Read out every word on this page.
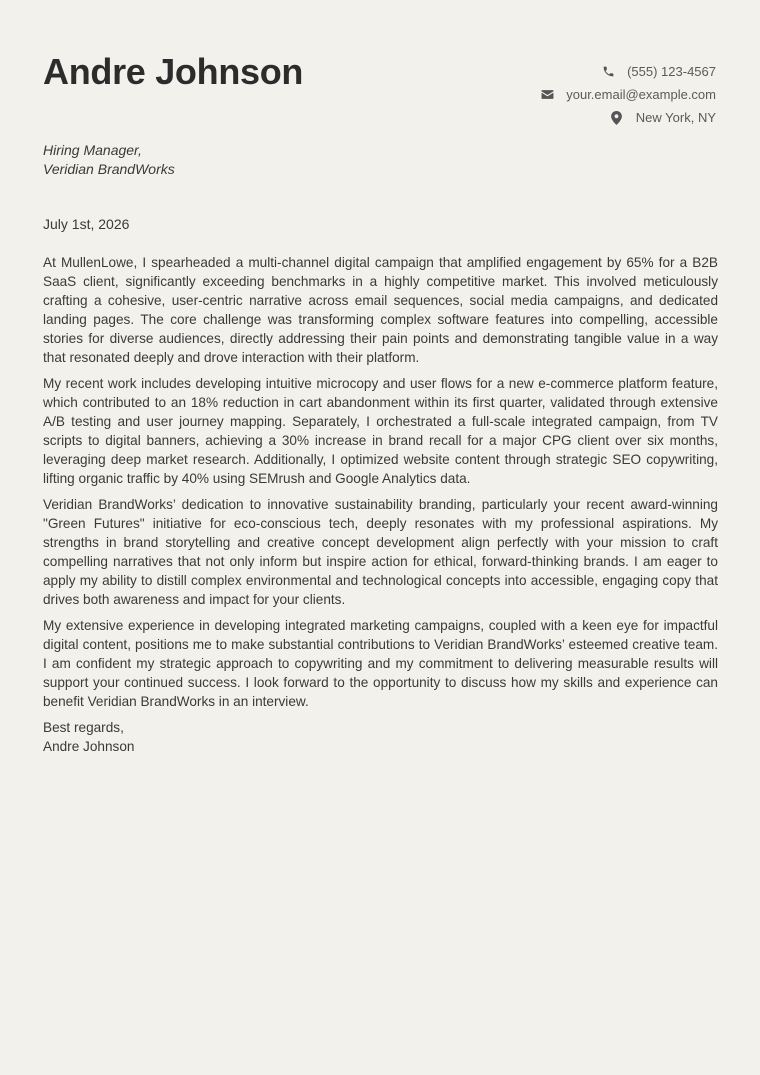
Andre Johnson	(555) 123-4567
your.email@example.com
New York, NY
Hiring Manager,
Veridian BrandWorks
July 1st, 2026

At MullenLowe, I spearheaded a multi-channel digital campaign that amplified engagement by 65% for a B2B SaaS client, significantly exceeding benchmarks in a highly competitive market. This involved meticulously crafting a cohesive, user-centric narrative across email sequences, social media campaigns, and dedicated landing pages. The core challenge was transforming complex software features into compelling, accessible stories for diverse audiences, directly addressing their pain points and demonstrating tangible value in a way that resonated deeply and drove interaction with their platform.

My recent work includes developing intuitive microcopy and user flows for a new e-commerce platform feature, which contributed to an 18% reduction in cart abandonment within its first quarter, validated through extensive A/B testing and user journey mapping. Separately, I orchestrated a full-scale integrated campaign, from TV scripts to digital banners, achieving a 30% increase in brand recall for a major CPG client over six months, leveraging deep market research. Additionally, I optimized website content through strategic SEO copywriting, lifting organic traffic by 40% using SEMrush and Google Analytics data.

Veridian BrandWorks’ dedication to innovative sustainability branding, particularly your recent award-winning "Green Futures" initiative for eco-conscious tech, deeply resonates with my professional aspirations. My strengths in brand storytelling and creative concept development align perfectly with your mission to craft compelling narratives that not only inform but inspire action for ethical, forward-thinking brands. I am eager to apply my ability to distill complex environmental and technological concepts into accessible, engaging copy that drives both awareness and impact for your clients.

My extensive experience in developing integrated marketing campaigns, coupled with a keen eye for impactful digital content, positions me to make substantial contributions to Veridian BrandWorks’ esteemed creative team. I am confident my strategic approach to copywriting and my commitment to delivering measurable results will support your continued success. I look forward to the opportunity to discuss how my skills and experience can benefit Veridian BrandWorks in an interview.

Best regards,
Andre Johnson
